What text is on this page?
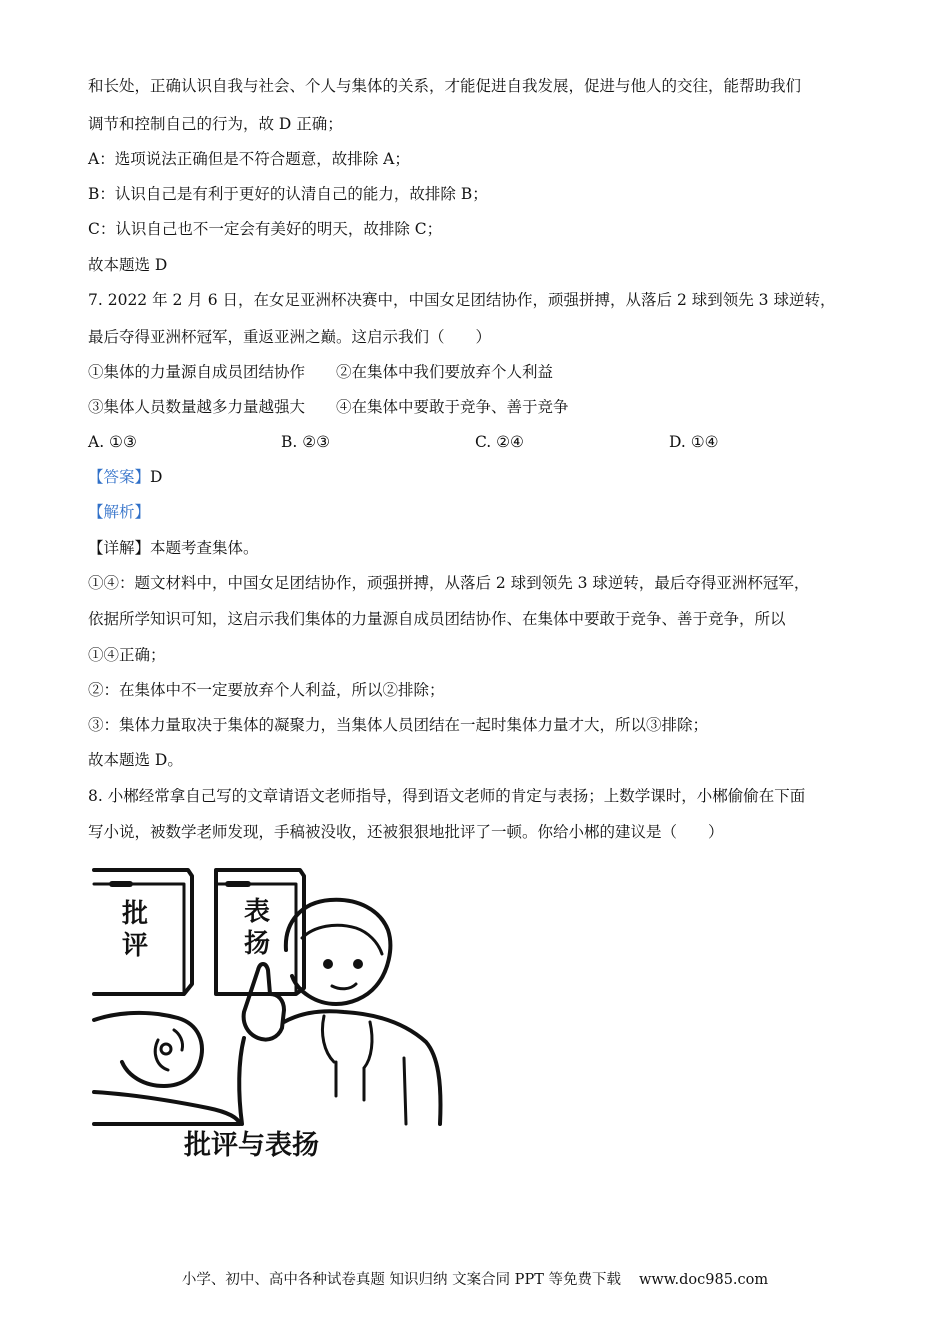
和长处，正确认识自我与社会、个人与集体的关系，才能促进自我发展，促进与他人的交往，能帮助我们
调节和控制自己的行为，故 D 正确；
A：选项说法正确但是不符合题意，故排除 A；
B：认识自己是有利于更好的认清自己的能力，故排除 B；
C：认识自己也不一定会有美好的明天，故排除 C；
故本题选 D
7. 2022 年 2 月 6 日，在女足亚洲杯决赛中，中国女足团结协作，顽强拼搏，从落后 2 球到领先 3 球逆转，
最后夺得亚洲杯冠军，重返亚洲之巅。这启示我们（　　）
①集体的力量源自成员团结协作　　②在集体中我们要放弃个人利益
③集体人员数量越多力量越强大　　④在集体中要敢于竞争、善于竞争
A. ①③	B. ②③	C. ②④	D. ①④
【答案】D
【解析】
【详解】本题考查集体。
①④：题文材料中，中国女足团结协作，顽强拼搏，从落后 2 球到领先 3 球逆转，最后夺得亚洲杯冠军，
依据所学知识可知，这启示我们集体的力量源自成员团结协作、在集体中要敢于竞争、善于竞争，所以
①④正确；
②：在集体中不一定要放弃个人利益，所以②排除；
③：集体力量取决于集体的凝聚力，当集体人员团结在一起时集体力量才大，所以③排除；
故本题选 D。
8. 小郴经常拿自己写的文章请语文老师指导，得到语文老师的肯定与表扬；上数学课时，小郴偷偷在下面
写小说，被数学老师发现，手稿被没收，还被狠狠地批评了一顿。你给小郴的建议是（　　）
批
评
表
扬
批评与表扬
小学、初中、高中各种试卷真题 知识归纳 文案合同 PPT 等免费下载 www.doc985.com
